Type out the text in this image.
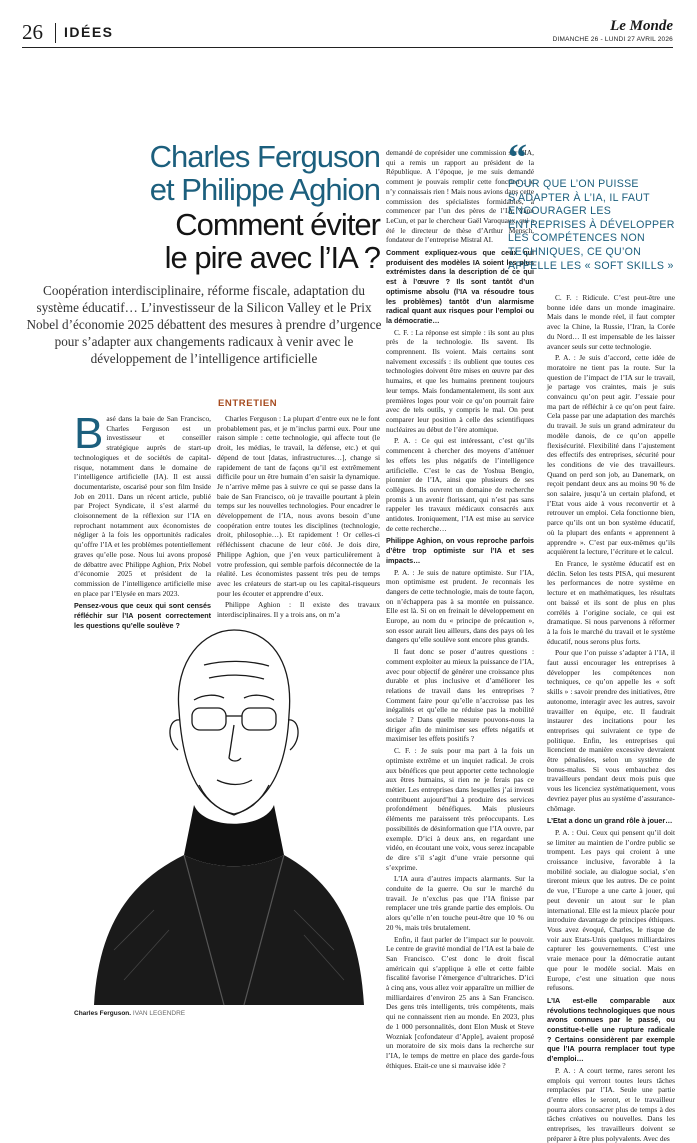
26 IDÉES	Le Monde
DIMANCHE 26 - LUNDI 27 AVRIL 2026
Charles Ferguson
et Philippe Aghion
Comment éviter
le pire avec l’IA ?
Coopération interdisciplinaire, réforme fiscale, adaptation du système éducatif… L’investisseur de la Silicon Valley et le Prix Nobel d’économie 2025 débattent des mesures à prendre d’urgence pour s’adapter aux changements radicaux à venir avec le développement de l’intelligence artificielle
ENTRETIEN
B asé dans la baie de San Francisco, Charles Ferguson est un investisseur et conseiller stratégique auprès de start-up technologiques et de sociétés de capital-risque, notamment dans le domaine de l’intelligence artificielle (IA). Il est aussi documentariste, oscarisé pour son film Inside Job en 2011. Dans un récent article, publié par Project Syndicate, il s’est alarmé du cloisonnement de la réflexion sur l’IA en reprochant notamment aux économistes de négliger à la fois les opportunités radicales qu’offre l’IA et les problèmes potentiellement graves qu’elle pose. Nous lui avons proposé de débattre avec Philippe Aghion, Prix Nobel d’économie 2025 et président de la commission de l’intelligence artificielle mise en place par l’Elysée en mars 2023.

Pensez-vous que ceux qui sont censés réfléchir sur l’IA posent correctement les questions qu’elle soulève ?

Charles Ferguson : La plupart d’entre eux ne le font probablement pas, et je m’inclus parmi eux. Pour une raison simple : cette technologie, qui affecte tout (le droit, les médias, le travail, la défense, etc.) et qui dépend de tout [datas, infrastructures…], change si rapidement de tant de façons qu’il est extrêmement difficile pour un être humain d’en saisir la dynamique. Je n’arrive même pas à suivre ce qui se passe dans la baie de San Francisco, où je travaille pourtant à plein temps sur les nouvelles technologies. Pour encadrer le développement de l’IA, nous avons besoin d’une coopération entre toutes les disciplines (technologie, droit, philosophie…). Et rapidement ! Or celles-ci réfléchissent chacune de leur côté. Je dois dire, Philippe Aghion, que j’en veux particulièrement à votre profession, qui semble parfois déconnectée de la réalité. Les économistes passent très peu de temps avec les créateurs de start-up ou les capital-risqueurs pour les écouter et apprendre d’eux.

Philippe Aghion : Il existe des travaux interdisciplinaires. Il y a trois ans, on m’a

Charles Ferguson. IVAN LEGENDRE

demandé de coprésider une commission sur l’IA, qui a remis un rapport au président de la République. A l’époque, je me suis demandé comment je pouvais remplir cette fonction : je n’y connaissais rien ! Mais nous avions dans cette commission des spécialistes formidables, à commencer par l’un des pères de l’IA, Yann LeCun, et par le chercheur Gaël Varoquaux, qui a été le directeur de thèse d’Arthur Mensch, fondateur de l’entreprise Mistral AI.

Comment expliquez-vous que ceux qui produisent des modèles IA soient les plus extrémistes dans la description de ce qui est à l’œuvre ? Ils sont tantôt d’un optimisme absolu (l’IA va résoudre tous les problèmes) tantôt d’un alarmisme radical quant aux risques pour l’emploi ou la démocratie…

C. F. : La réponse est simple : ils sont au plus près de la technologie. Ils savent. Ils comprennent. Ils voient. Mais certains sont naïvement excessifs : ils oublient que toutes ces technologies doivent être mises en œuvre par des humains, et que les humains prennent toujours leur temps. Mais fondamentalement, ils sont aux premières loges pour voir ce qu’on pourrait faire avec de tels outils, y compris le mal. On peut comparer leur position à celle des scientifiques nucléaires au début de l’ère atomique.

P. A. : Ce qui est intéressant, c’est qu’ils commencent à chercher des moyens d’atténuer les effets les plus négatifs de l’intelligence artificielle. C’est le cas de Yoshua Bengio, pionnier de l’IA, ainsi que plusieurs de ses collègues. Ils ouvrent un domaine de recherche promis à un avenir florissant, qui n’est pas sans rappeler les travaux médicaux consacrés aux antidotes. Ironiquement, l’IA est mise au service de cette recherche…

Philippe Aghion, on vous reproche parfois d’être trop optimiste sur l’IA et ses impacts…

P. A. : Je suis de nature optimiste. Sur l’IA, mon optimisme est prudent. Je reconnais les dangers de cette technologie, mais de toute façon, on n’échappera pas à sa montée en puissance. Elle est là. Si on en freinait le développement en Europe, au nom du « principe de précaution », son essor aurait lieu ailleurs, dans des pays où les dangers qu’elle soulève sont encore plus grands.

Il faut donc se poser d’autres questions : comment exploiter au mieux la puissance de l’IA, avec pour objectif de générer une croissance plus durable et plus inclusive et d’améliorer les relations de travail dans les entreprises ? Comment faire pour qu’elle n’accroisse pas les inégalités et qu’elle ne réduise pas la mobilité sociale ? Dans quelle mesure pouvons-nous la diriger afin de minimiser ses effets négatifs et maximiser les effets positifs ?

C. F. : Je suis pour ma part à la fois un optimiste extrême et un inquiet radical. Je crois aux bénéfices que peut apporter cette technologie aux êtres humains, si rien ne je ferais pas ce métier. Les entreprises dans lesquelles j’ai investi contribuent aujourd’hui à produire des services profondément bénéfiques. Mais plusieurs éléments me paraissent très préoccupants. Les possibilités de désinformation que l’IA ouvre, par exemple. D’ici à deux ans, en regardant une vidéo, en écoutant une voix, vous serez incapable de dire s’il s’agit d’une vraie personne qui s’exprime.

L’IA aura d’autres impacts alarmants. Sur la conduite de la guerre. Ou sur le marché du travail. Je n’exclus pas que l’IA finisse par remplacer une très grande partie des emplois. Ou alors qu’elle n’en touche peut-être que 10 % ou 20 %, mais très brutalement.

Enfin, il faut parler de l’impact sur le pouvoir. Le centre de gravité mondial de l’IA est la baie de San Francisco. C’est donc le droit fiscal américain qui s’applique à elle et cette faible fiscalité favorise l’émergence d’ultrariches. D’ici à cinq ans, vous allez voir apparaître un millier de milliardaires d’environ 25 ans à San Francisco. Des gens très intelligents, très compétents, mais qui ne connaissent rien au monde. En 2023, plus de 1 000 personnalités, dont Elon Musk et Steve Wozniak [cofondateur d’Apple], avaient proposé un moratoire de six mois dans la recherche sur l’IA, le temps de mettre en place des garde-fous éthiques. Etait-ce une si mauvaise idée ?

“
POUR QUE L’ON PUISSE S’ADAPTER À L’IA, IL FAUT ENCOURAGER LES ENTREPRISES À DÉVELOPPER LES COMPÉTENCES NON TECHNIQUES, CE QU’ON APPELLE LES « SOFT SKILLS »

C. F. : Ridicule. C’est peut-être une bonne idée dans un monde imaginaire. Mais dans le monde réel, il faut compter avec la Chine, la Russie, l’Iran, la Corée du Nord… Il est impensable de les laisser avancer seuls sur cette technologie.

P. A. : Je suis d’accord, cette idée de moratoire ne tient pas la route. Sur la question de l’impact de l’IA sur le travail, je partage vos craintes, mais je suis convaincu qu’on peut agir. J’essaie pour ma part de réfléchir à ce qu’on peut faire. Cela passe par une adaptation des marchés du travail. Je suis un grand admirateur du modèle danois, de ce qu’on appelle flexisécurité. Flexibilité dans l’ajustement des effectifs des entreprises, sécurité pour les conditions de vie des travailleurs. Quand on perd son job, au Danemark, on reçoit pendant deux ans au moins 90 % de son salaire, jusqu’à un certain plafond, et l’Etat vous aide à vous reconvertir et à retrouver un emploi. Cela fonctionne bien, parce qu’ils ont un bon système éducatif, où la plupart des enfants « apprennent à apprendre ». C’est par eux-mêmes qu’ils acquièrent la lecture, l’écriture et le calcul.

En France, le système éducatif est en déclin. Selon les tests PISA, qui mesurent les performances de notre système en lecture et en mathématiques, les résultats ont baissé et ils sont de plus en plus corrélés à l’origine sociale, ce qui est dramatique. Si nous parvenons à réformer à la fois le marché du travail et le système éducatif, nous serons plus forts.

Pour que l’on puisse s’adapter à l’IA, il faut aussi encourager les entreprises à développer les compétences non techniques, ce qu’on appelle les « soft skills » : savoir prendre des initiatives, être autonome, interagir avec les autres, savoir travailler en équipe, etc. Il faudrait instaurer des incitations pour les entreprises qui suivraient ce type de politique. Enfin, les entreprises qui licencient de manière excessive devraient être pénalisées, selon un système de bonus-malus. Si vous embauchez des travailleurs pendant deux mois puis que vous les licenciez systématiquement, vous devriez payer plus au système d’assurance-chômage.

L’Etat a donc un grand rôle à jouer…

P. A. : Oui. Ceux qui pensent qu’il doit se limiter au maintien de l’ordre public se trompent. Les pays qui croient à une croissance inclusive, favorable à la mobilité sociale, au dialogue social, s’en tireront mieux que les autres. De ce point de vue, l’Europe a une carte à jouer, qui peut devenir un atout sur le plan international. Elle est la mieux placée pour introduire davantage de principes éthiques. Vous avez évoqué, Charles, le risque de voir aux Etats-Unis quelques milliardaires capturer les gouvernements. C’est une vraie menace pour la démocratie autant que pour le modèle social. Mais en Europe, c’est une situation que nous refusons.

L’IA est-elle comparable aux révolutions technologiques que nous avons connues par le passé, ou constitue-t-elle une rupture radicale ? Certains considèrent par exemple que l’IA pourra remplacer tout type d’emploi…

P. A. : A court terme, rares seront les emplois qui verront toutes leurs tâches remplacées par l’IA. Seule une partie d’entre elles le seront, et le travailleur pourra alors consacrer plus de temps à des tâches créatives ou nouvelles. Dans les entreprises, les travailleurs doivent se préparer à être plus polyvalents. Avec des
